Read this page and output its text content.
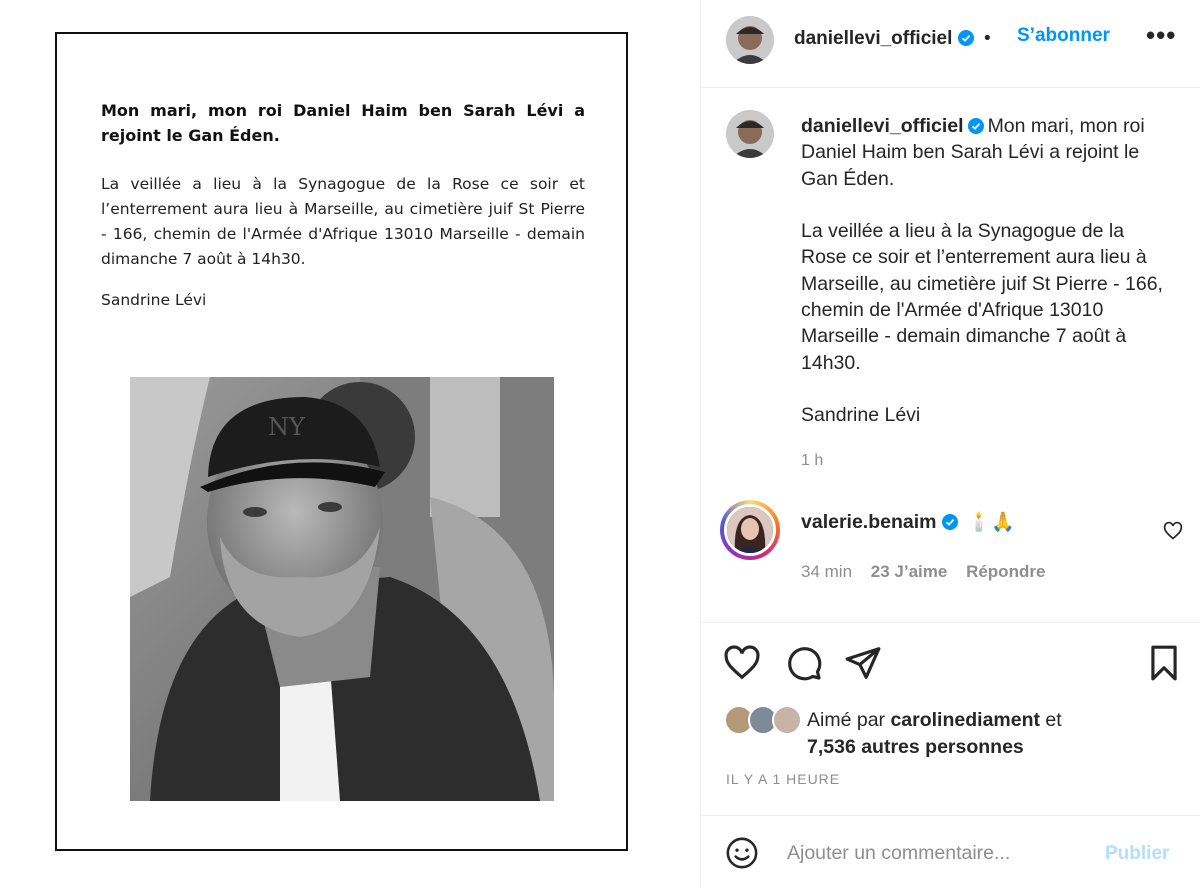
Mon mari, mon roi Daniel Haim ben Sarah Lévi a rejoint le Gan Éden.
La veillée a lieu à la Synagogue de la Rose ce soir et l’enterrement aura lieu à Marseille, au cimetière juif St Pierre - 166, chemin de l'Armée d'Afrique 13010 Marseille - demain dimanche 7 août à 14h30.
Sandrine Lévi
NY
daniellevi_officiel	• S’abonner •••
daniellevi_officiel Mon mari, mon roi Daniel Haim ben Sarah Lévi a rejoint le Gan Éden.

La veillée a lieu à la Synagogue de la Rose ce soir et l’enterrement aura lieu à Marseille, au cimetière juif St Pierre - 166, chemin de l'Armée d'Afrique 13010 Marseille - demain dimanche 7 août à 14h30.

Sandrine Lévi
1 h
valerie.benaim 🕯️🙏
34 min 23 J’aime Répondre
Aimé par carolinediament et
7,536 autres personnes
IL Y A 1 HEURE
Ajouter un commentaire...
Publier
